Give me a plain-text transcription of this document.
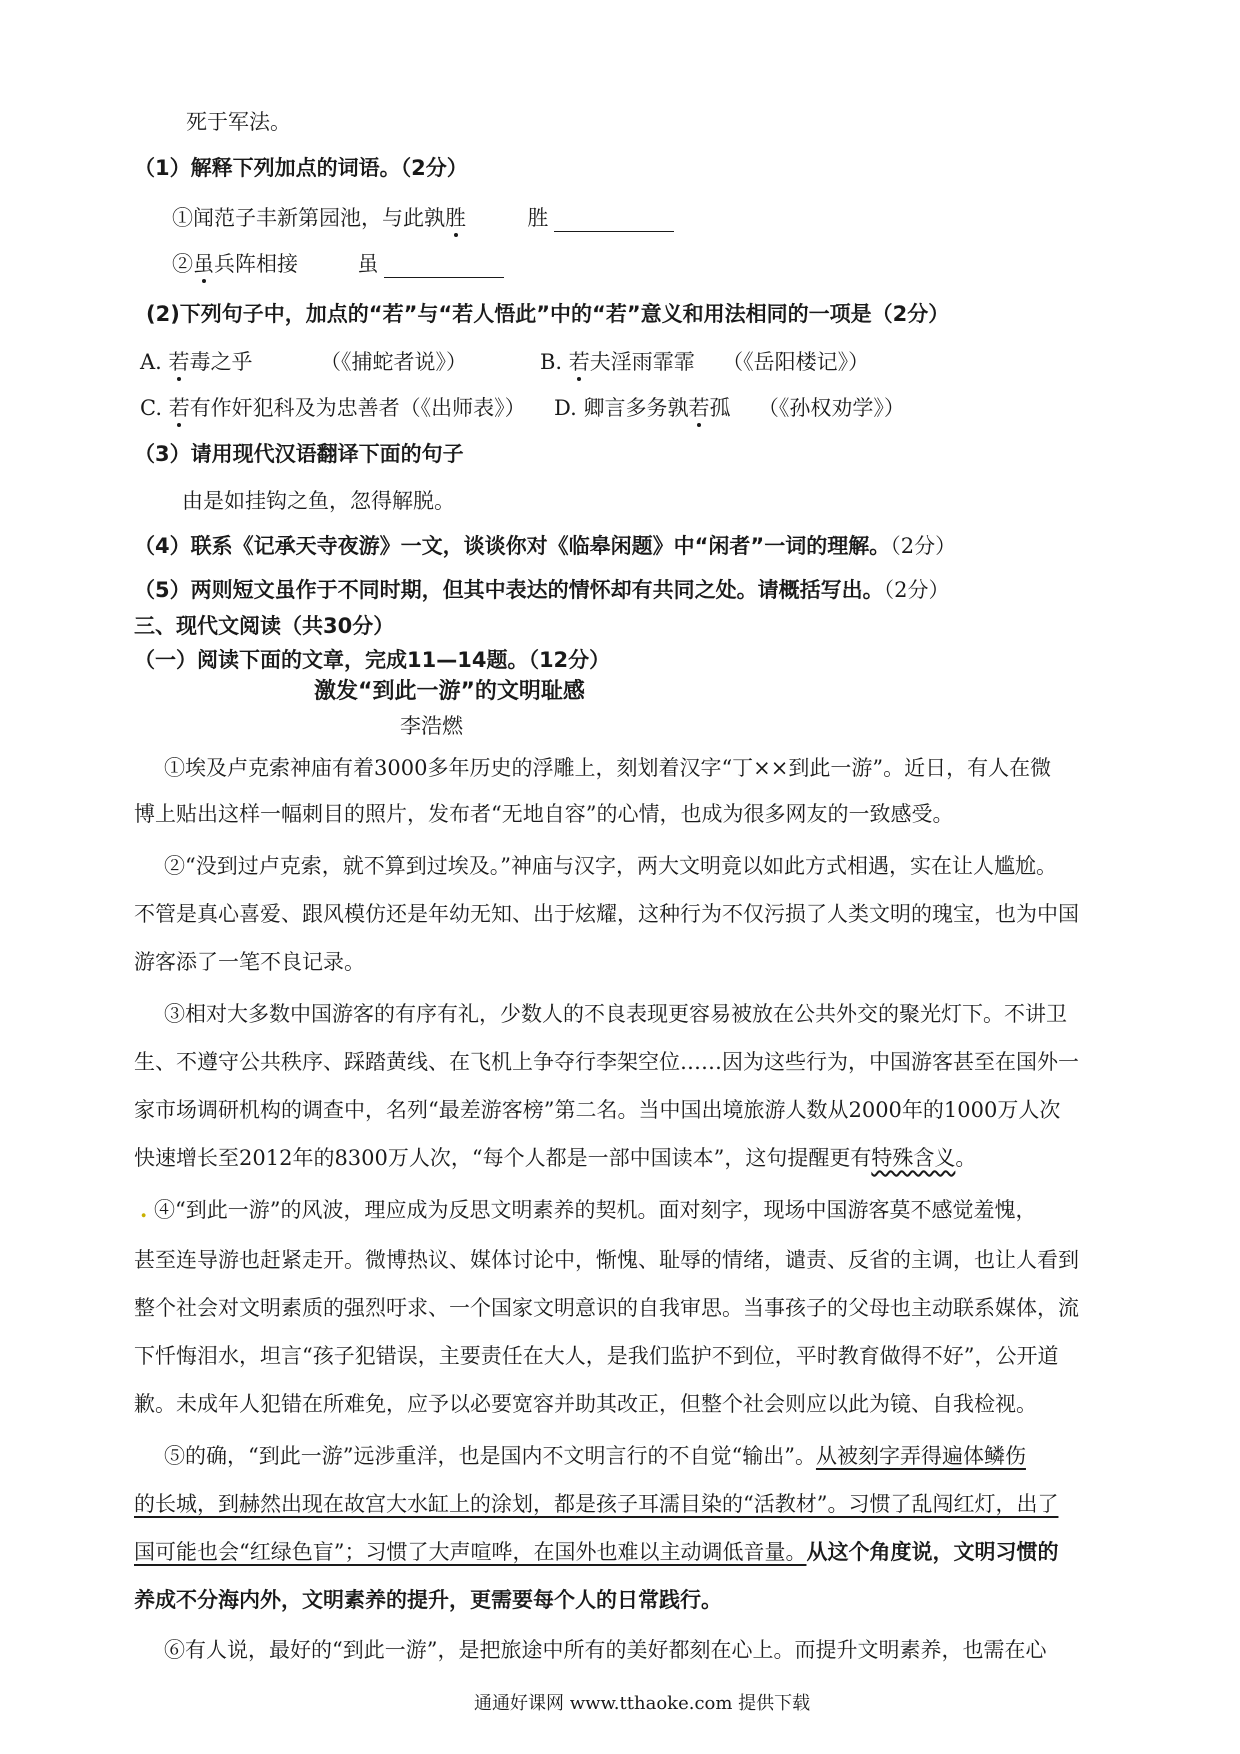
死于军法。
（1）解释下列加点的词语。（2分）
①闻范子丰新第园池，与此孰胜	胜
②虽兵阵相接	虽
(2)下列句子中，加点的“若”与“若人悟此”中的“若”意义和用法相同的一项是（2分）
A. 若毒之乎	（《捕蛇者说》）	B. 若夫淫雨霏霏 （《岳阳楼记》）
C. 若有作奸犯科及为忠善者（《出师表》） D. 卿言多务孰若孤 （《孙权劝学》）
（3）请用现代汉语翻译下面的句子
由是如挂钩之鱼，忽得解脱。
（4）联系《记承天寺夜游》一文，谈谈你对《临皋闲题》中“闲者”一词的理解。（2分）
（5）两则短文虽作于不同时期，但其中表达的情怀却有共同之处。请概括写出。（2分）
三、现代文阅读（共30分）
（一）阅读下面的文章，完成11—14题。（12分）
激发“到此一游”的文明耻感
李浩燃
①埃及卢克索神庙有着3000多年历史的浮雕上，刻划着汉字“丁××到此一游”。近日，有人在微
博上贴出这样一幅刺目的照片，发布者“无地自容”的心情，也成为很多网友的一致感受。
②“没到过卢克索，就不算到过埃及。”神庙与汉字，两大文明竟以如此方式相遇，实在让人尴尬。
不管是真心喜爱、跟风模仿还是年幼无知、出于炫耀，这种行为不仅污损了人类文明的瑰宝，也为中国
游客添了一笔不良记录。
③相对大多数中国游客的有序有礼，少数人的不良表现更容易被放在公共外交的聚光灯下。不讲卫
生、不遵守公共秩序、踩踏黄线、在飞机上争夺行李架空位……因为这些行为，中国游客甚至在国外一
家市场调研机构的调查中，名列“最差游客榜”第二名。当中国出境旅游人数从2000年的1000万人次
快速增长至2012年的8300万人次，“每个人都是一部中国读本”，这句提醒更有特殊含义。
. ④“到此一游”的风波，理应成为反思文明素养的契机。面对刻字，现场中国游客莫不感觉羞愧，
甚至连导游也赶紧走开。微博热议、媒体讨论中，惭愧、耻辱的情绪，谴责、反省的主调，也让人看到
整个社会对文明素质的强烈吁求、一个国家文明意识的自我审思。当事孩子的父母也主动联系媒体，流
下忏悔泪水，坦言“孩子犯错误，主要责任在大人，是我们监护不到位，平时教育做得不好”，公开道
歉。未成年人犯错在所难免，应予以必要宽容并助其改正，但整个社会则应以此为镜、自我检视。
⑤的确，“到此一游”远涉重洋，也是国内不文明言行的不自觉“输出”。从被刻字弄得遍体鳞伤
的长城，到赫然出现在故宫大水缸上的涂划，都是孩子耳濡目染的“活教材”。习惯了乱闯红灯，出了
国可能也会“红绿色盲”；习惯了大声喧哗，在国外也难以主动调低音量。从这个角度说，文明习惯的
养成不分海内外，文明素养的提升，更需要每个人的日常践行。
⑥有人说，最好的“到此一游”，是把旅途中所有的美好都刻在心上。而提升文明素养，也需在心
通通好课网 www.tthaoke.com 提供下载
